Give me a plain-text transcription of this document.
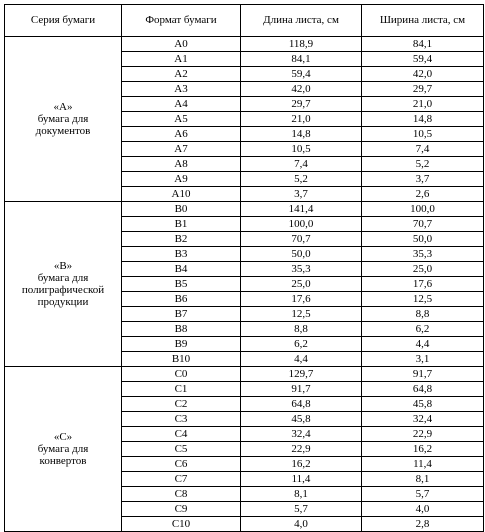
Серия бумаги	Формат бумаги	Длина листа, см	Ширина листа, см

«А»
бумага для
документов	А0	118,9	84,1
	А1	84,1	59,4
	А2	59,4	42,0
	А3	42,0	29,7
	А4	29,7	21,0
	А5	21,0	14,8
	А6	14,8	10,5
	А7	10,5	7,4
	А8	7,4	5,2
	А9	5,2	3,7
	А10	3,7	2,6

«В»
бумага для
полиграфической
продукции	В0	141,4	100,0
	В1	100,0	70,7
	В2	70,7	50,0
	В3	50,0	35,3
	В4	35,3	25,0
	В5	25,0	17,6
	В6	17,6	12,5
	В7	12,5	8,8
	В8	8,8	6,2
	В9	6,2	4,4
	В10	4,4	3,1

«С»
бумага для
конвертов	С0	129,7	91,7
	С1	91,7	64,8
	С2	64,8	45,8
	С3	45,8	32,4
	С4	32,4	22,9
	С5	22,9	16,2
	С6	16,2	11,4
	С7	11,4	8,1
	С8	8,1	5,7
	С9	5,7	4,0
	С10	4,0	2,8
